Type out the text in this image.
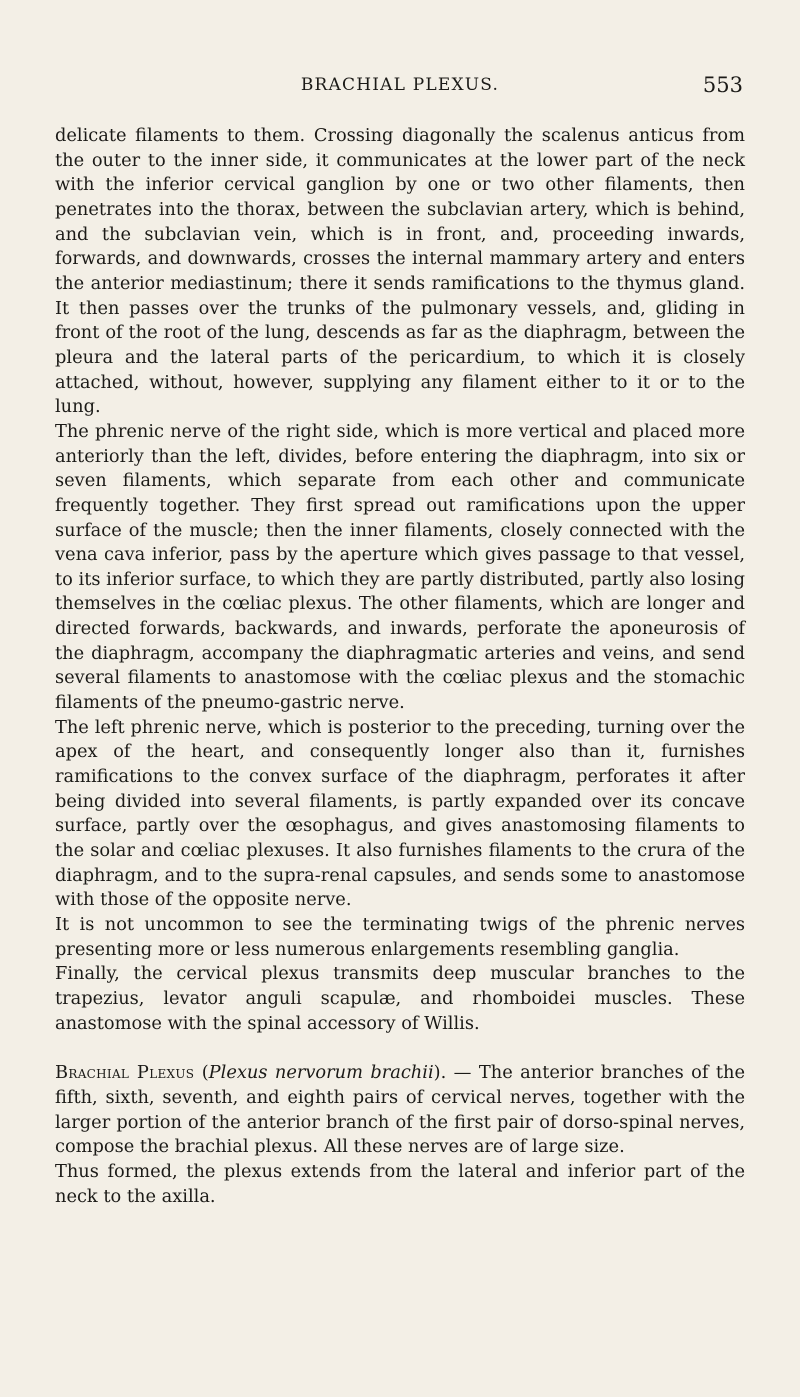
BRACHIAL PLEXUS.	553

delicate filaments to them. Crossing diagonally the scalenus anticus from the outer to the inner side, it communicates at the lower part of the neck with the inferior cervical ganglion by one or two other filaments, then penetrates into the thorax, between the subclavian artery, which is behind, and the subclavian vein, which is in front, and, proceeding inwards, forwards, and downwards, crosses the internal mammary artery and enters the anterior mediastinum; there it sends ramifications to the thymus gland. It then passes over the trunks of the pulmonary vessels, and, gliding in front of the root of the lung, descends as far as the diaphragm, between the pleura and the lateral parts of the pericardium, to which it is closely attached, without, however, supplying any filament either to it or to the lung.

The phrenic nerve of the right side, which is more vertical and placed more anteriorly than the left, divides, before entering the diaphragm, into six or seven filaments, which separate from each other and communicate frequently together. They first spread out ramifications upon the upper surface of the muscle; then the inner filaments, closely connected with the vena cava inferior, pass by the aperture which gives passage to that vessel, to its inferior surface, to which they are partly distributed, partly also losing themselves in the cœliac plexus. The other filaments, which are longer and directed forwards, backwards, and inwards, perforate the aponeurosis of the diaphragm, accompany the diaphragmatic arteries and veins, and send several filaments to anastomose with the cœliac plexus and the stomachic filaments of the pneumo-gastric nerve.

The left phrenic nerve, which is posterior to the preceding, turning over the apex of the heart, and consequently longer also than it, furnishes ramifications to the convex surface of the diaphragm, perforates it after being divided into several filaments, is partly expanded over its concave surface, partly over the œsophagus, and gives anastomosing filaments to the solar and cœliac plexuses. It also furnishes filaments to the crura of the diaphragm, and to the supra-renal capsules, and sends some to anastomose with those of the opposite nerve.

It is not uncommon to see the terminating twigs of the phrenic nerves presenting more or less numerous enlargements resembling ganglia.

Finally, the cervical plexus transmits deep muscular branches to the trapezius, levator anguli scapulæ, and rhomboidei muscles. These anastomose with the spinal accessory of Willis.

Brachial Plexus (Plexus nervorum brachii). — The anterior branches of the fifth, sixth, seventh, and eighth pairs of cervical nerves, together with the larger portion of the anterior branch of the first pair of dorso-spinal nerves, compose the brachial plexus. All these nerves are of large size.

Thus formed, the plexus extends from the lateral and inferior part of the neck to the axilla.
